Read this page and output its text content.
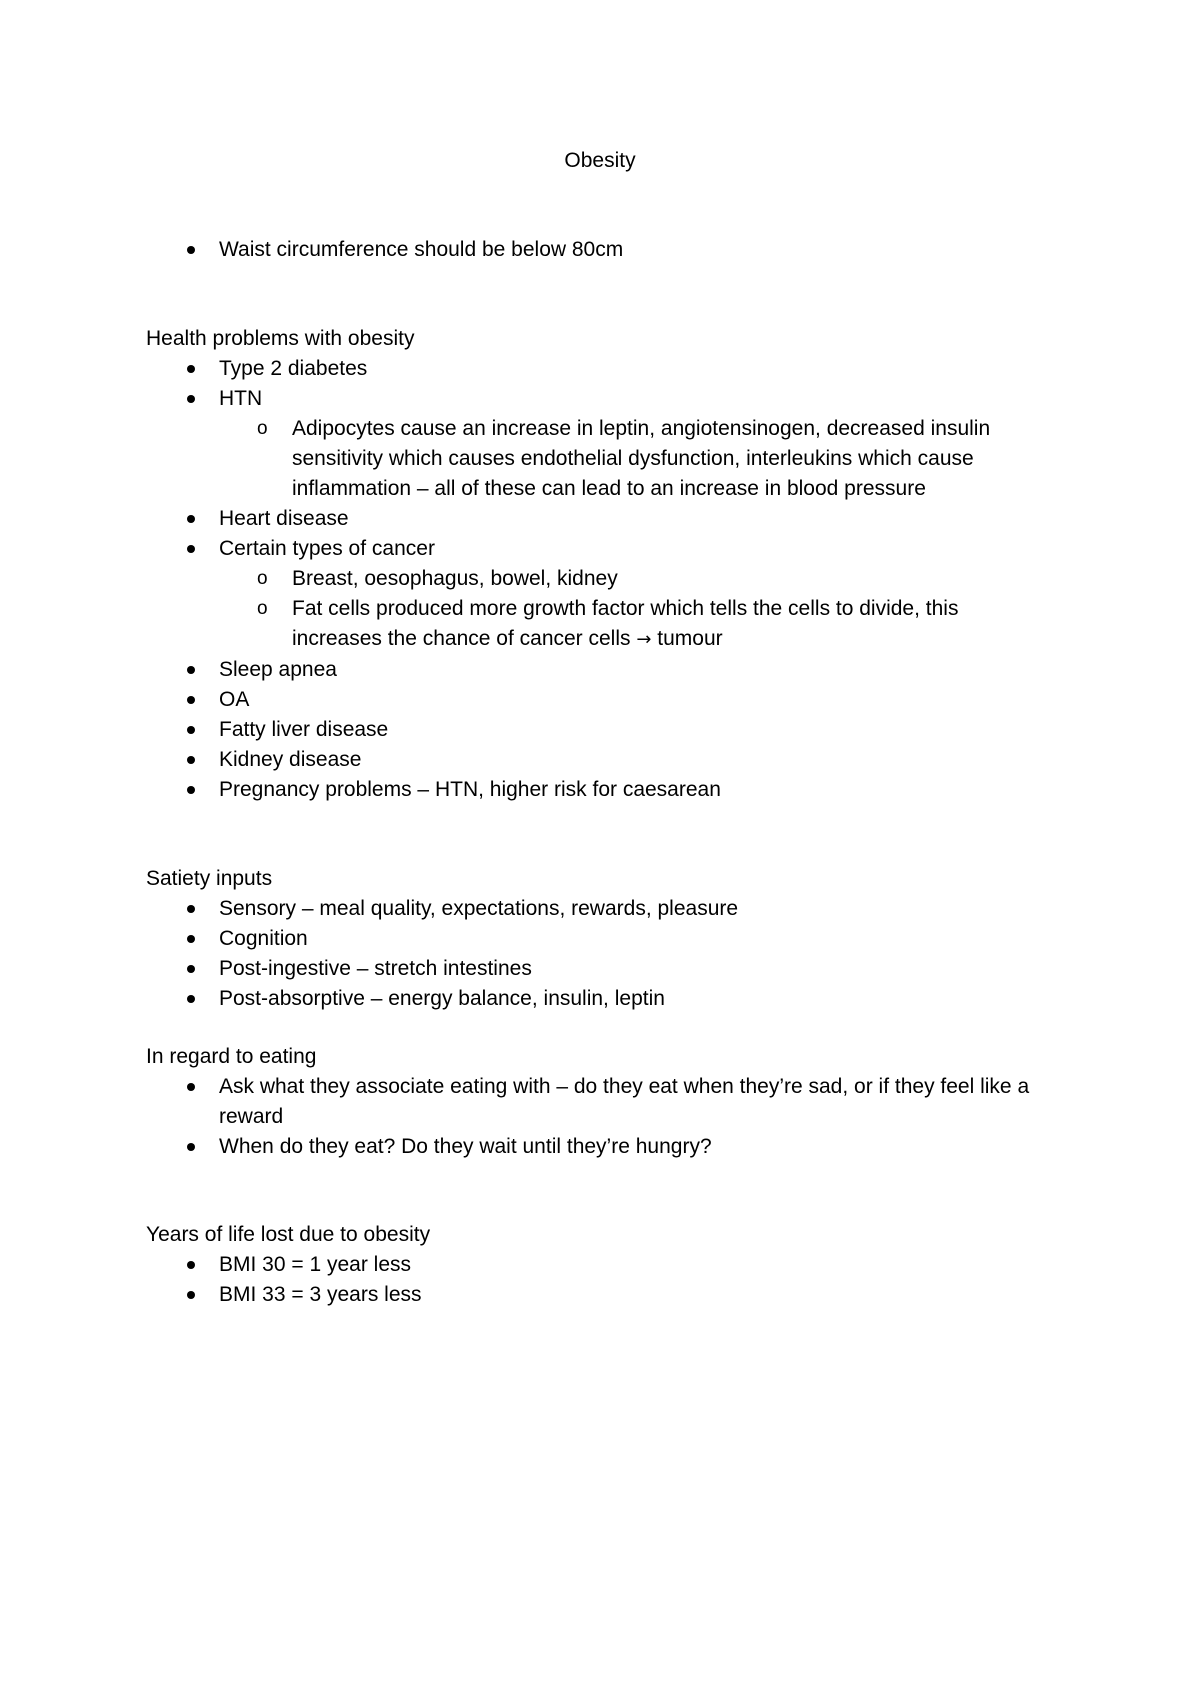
Obesity
Waist circumference should be below 80cm

Health problems with obesity

Type 2 diabetes
HTN
o Adipocytes cause an increase in leptin, angiotensinogen, decreased insulin sensitivity which causes endothelial dysfunction, interleukins which cause inflammation – all of these can lead to an increase in blood pressure
Heart disease
Certain types of cancer
o Breast, oesophagus, bowel, kidney
o Fat cells produced more growth factor which tells the cells to divide, this increases the chance of cancer cells → tumour
Sleep apnea
OA
Fatty liver disease
Kidney disease
Pregnancy problems – HTN, higher risk for caesarean

Satiety inputs

Sensory – meal quality, expectations, rewards, pleasure
Cognition
Post-ingestive – stretch intestines
Post-absorptive – energy balance, insulin, leptin

In regard to eating

Ask what they associate eating with – do they eat when they’re sad, or if they feel like a reward
When do they eat? Do they wait until they’re hungry?

Years of life lost due to obesity

BMI 30 = 1 year less
BMI 33 = 3 years less
